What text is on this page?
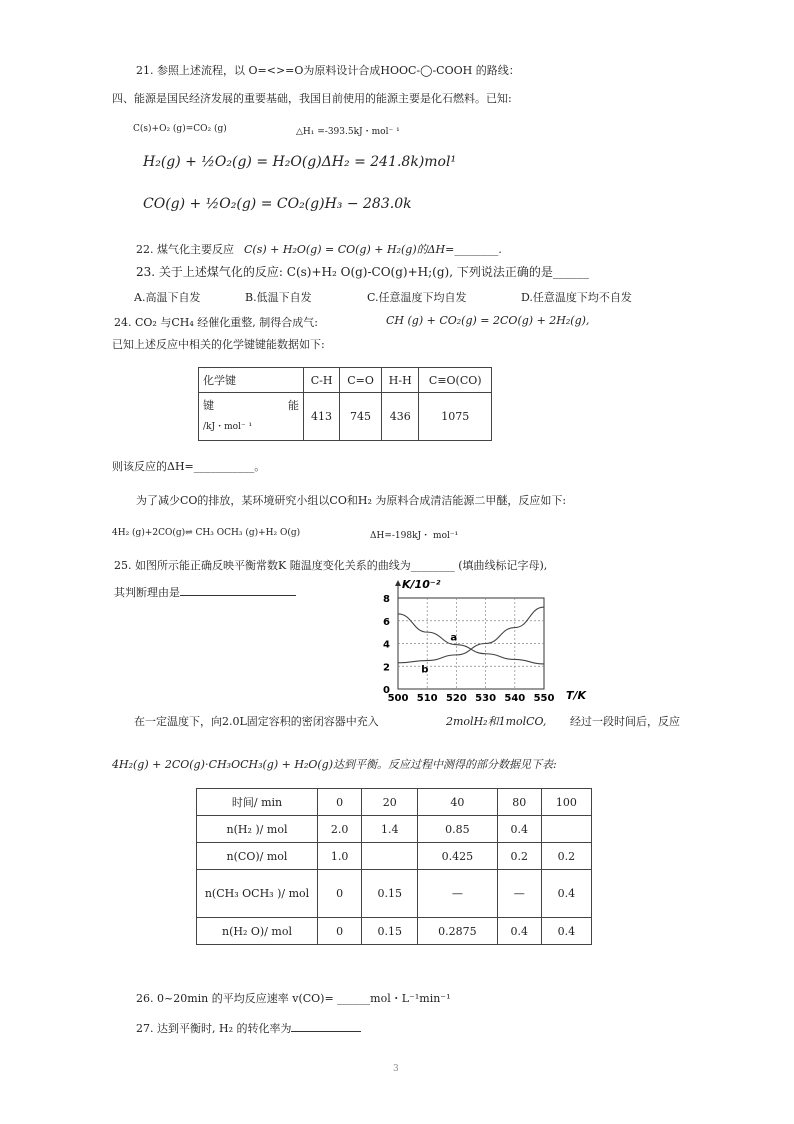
21. 参照上述流程，以 O=<>=O为原料设计合成HOOC-◯-COOH 的路线：
四、能源是国民经济发展的重要基础，我国目前使用的能源主要是化石燃料。已知:
C(s)+O₂ (g)=CO₂ (g)	△H₁ =-393.5kJ・mol⁻ ¹
H₂(g) + ½O₂(g) = H₂O(g)ΔH₂ = 241.8k)mol¹
CO(g) + ½O₂(g) = CO₂(g)H₃ − 283.0k
22. 煤气化主要反应 C(s) + H₂O(g) = CO(g) + H₂(g)的ΔH=________.
23. 关于上述煤气化的反应: C(s)+H₂ O(g)-CO(g)+H;(g), 下列说法正确的是______
A.高温下自发	B.低温下自发	C.任意温度下均自发	D.任意温度下均不自发
24. CO₂ 与CH₄ 经催化重整, 制得合成气:	CH (g) + CO₂(g) = 2CO(g) + 2H₂(g),
已知上述反应中相关的化学键键能数据如下:
化学键	C-H	C=O	H-H	C≡O(CO)
键 能

/kJ・mol⁻ ¹	413	745	436	1075
则该反应的ΔH=___________。
为了减少CO的排放，某环境研究小组以CO和H₂ 为原料合成清洁能源二甲醚，反应如下:
4H₂ (g)+2CO(g)⇌ CH₃ OCH₃ (g)+H₂ O(g)	ΔH=-198kJ・ mol⁻¹
25. 如图所示能正确反映平衡常数K 随温度变化关系的曲线为________ (填曲线标记字母),
其判断理由是
500 510 520 530 540 550
0
2
4
6
8
K/10⁻²
T/K
a
b
在一定温度下，向2.0L固定容积的密闭容器中充入	2molH₂和1molCO, 经过一段时间后，反应
4H₂(g) + 2CO(g)⋅CH₃OCH₃(g) + H₂O(g)达到平衡。反应过程中测得的部分数据见下表:
时间/ min	0	20	40	80	100
n(H₂ )/ mol	2.0	1.4	0.85	0.4	
n(CO)/ mol	1.0		0.425	0.2	0.2
n(CH₃ OCH₃ )/ mol	0	0.15	—	—	0.4
n(H₂ O)/ mol	0	0.15	0.2875	0.4	0.4
26. 0~20min 的平均反应速率 v(CO)= ______mol・L⁻¹min⁻¹
27. 达到平衡时, H₂ 的转化率为
3
